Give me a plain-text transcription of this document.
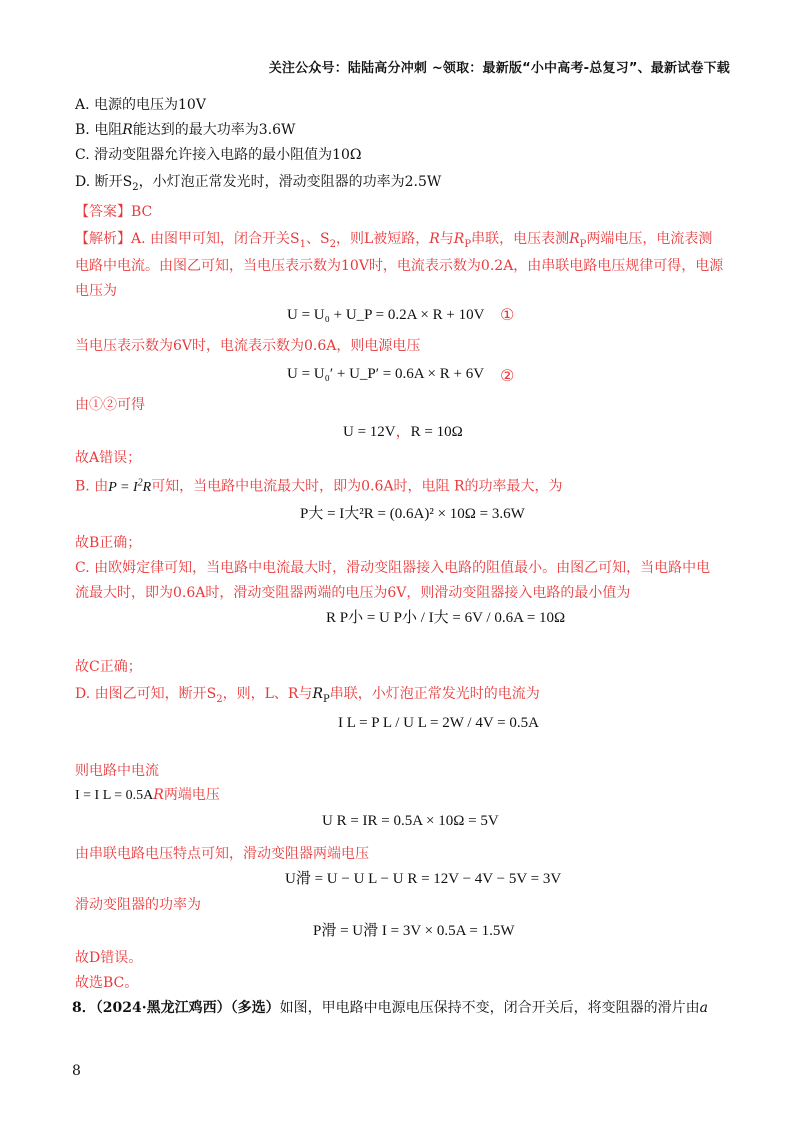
关注公众号：陆陆高分冲刺 ~领取：最新版“小中高考-总复习”、最新试卷下载
A. 电源的电压为10V
B. 电阻R能达到的最大功率为3.6W
C. 滑动变阻器允许接入电路的最小阻值为10Ω
D. 断开$S_2$，小灯泡正常发光时，滑动变阻器的功率为2.5W
【答案】BC
【解析】A. 由图甲可知，闭合开关$S_1$、$S_2$，则L被短路，R与$R_P$串联，电压表测$R_P$两端电压，电流表测
电路中电流。由图乙可知，当电压表示数为10V时，电流表示数为0.2A，由串联电路电压规律可得，电源
电压为
U = U₀ + U_P = 0.2A × R + 10V ①
当电压表示数为6V时，电流表示数为0.6A，则电源电压
U = U₀′ + U_P′ = 0.6A × R + 6V ②
由①②可得
U = 12V，R = 10Ω
故A错误；
B. 由$P = I^2R$可知，当电路中电流最大时，即为0.6A时，电阻 R的功率最大，为
P大 = I大²R = (0.6A)² × 10Ω = 3.6W
故B正确；
C. 由欧姆定律可知，当电路中电流最大时，滑动变阻器接入电路的阻值最小。由图乙可知，当电路中电
流最大时，即为0.6A时，滑动变阻器两端的电压为6V，则滑动变阻器接入电路的最小值为
R P小 = U P小 / I大 = 6V / 0.6A = 10Ω
故C正确；
D. 由图乙可知，断开$S_2$，则，L、R与$R_P$串联，小灯泡正常发光时的电流为
I L = P L / U L = 2W / 4V = 0.5A
则电路中电流
I = I L = 0.5AR两端电压
U R = IR = 0.5A × 10Ω = 5V
由串联电路电压特点可知，滑动变阻器两端电压
U滑 = U − U L − U R = 12V − 4V − 5V = 3V
滑动变阻器的功率为
P滑 = U滑 I = 3V × 0.5A = 1.5W
故D错误。
故选BC。
8．（2024·黑龙江鸡西）（多选）如图，甲电路中电源电压保持不变，闭合开关后，将变阻器的滑片由a
8
